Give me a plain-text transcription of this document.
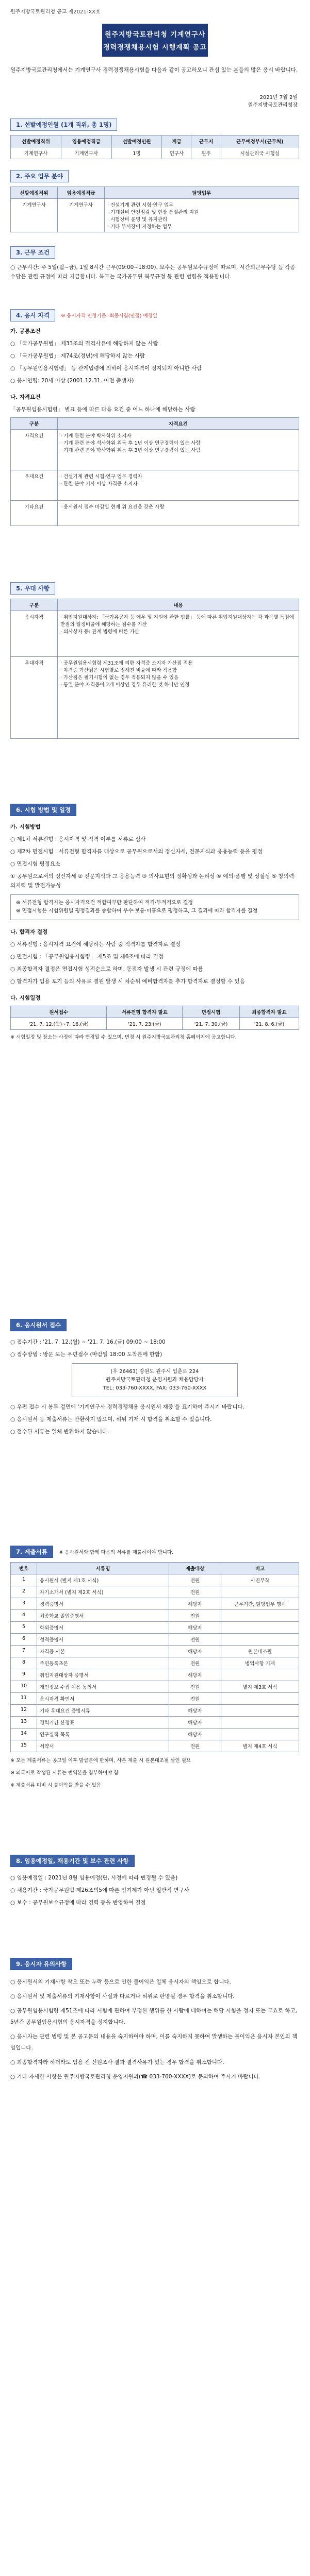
원주지방국토관리청 공고 제2021-XX호
원주지방국토관리청 기계연구사
경력경쟁채용시험 시행계획 공고
원주지방국토관리청에서는 기계연구사 경력경쟁채용시험을 다음과 같이 공고하오니 관심 있는 분들의 많은 응시 바랍니다.
2021년 7월 2일
원주지방국토관리청장
1. 선발예정인원 (1개 직위, 총 1명)
선발예정직위	임용예정직급	선발예정인원	계급	근무지	근무예정부서(근무처)
기계연구사	기계연구사	1명	연구사	원주	시설관리국 시험실
2. 주요 업무 분야
선발예정직위	임용예정직급	담당업무
기계연구사	기계연구사	· 건설기계 관련 시험·연구 업무
· 기계설비 안전점검 및 현장 품질관리 지원
· 시험장비 운영 및 유지관리
· 기타 부서장이 지정하는 업무
3. 근무 조건
○ 근무시간: 주 5일(월~금), 1일 8시간 근무(09:00~18:00). 보수는 공무원보수규정에 따르며, 시간외근무수당 등 각종 수당은 관련 규정에 따라 지급합니다. 복무는 국가공무원 복무규정 등 관련 법령을 적용합니다.
4. 응시 자격 ※ 응시자격 인정기준: 최종시험(면접) 예정일

가. 공통조건

○ 「국가공무원법」 제33조의 결격사유에 해당하지 않는 사람

○ 「국가공무원법」 제74조(정년)에 해당하지 않는 사람

○ 「공무원임용시험령」 등 관계법령에 의하여 응시자격이 정지되지 아니한 사람

○ 응시연령: 20세 이상 (2001.12.31. 이전 출생자)

나. 자격요건

「공무원임용시험령」 별표 등에 따른 다음 요건 중 어느 하나에 해당하는 사람

구분	자격요건
자격요건	· 기계 관련 분야 박사학위 소지자
· 기계 관련 분야 석사학위 취득 후 1년 이상 연구경력이 있는 사람
· 기계 관련 분야 학사학위 취득 후 3년 이상 연구경력이 있는 사람
우대요건	· 건설기계 관련 시험·연구 업무 경력자
· 관련 분야 기사 이상 자격증 소지자
기타요건	· 응시원서 접수 마감일 현재 위 요건을 갖춘 사람
5. 우대 사항
구분	내용
응시자격	· 취업지원대상자: 「국가유공자 등 예우 및 지원에 관한 법률」 등에 따른 취업지원대상자는 각 과목별 득점에 만점의 일정비율에 해당하는 점수를 가산
· 의사상자 등: 관계 법령에 따른 가산
우대자격	· 공무원임용시험령 제31조에 의한 자격증 소지자 가산점 적용
· 자격증 가산점은 시험별로 정해진 비율에 따라 적용함
· 가산점은 필기시험이 없는 경우 적용되지 않을 수 있음
· 동일 분야 자격증이 2개 이상인 경우 유리한 것 하나만 인정
6. 시험 방법 및 일정

가. 시험방법

○ 제1차 서류전형 : 응시자격 및 적격 여부를 서류로 심사

○ 제2차 면접시험 : 서류전형 합격자를 대상으로 공무원으로서의 정신자세, 전문지식과 응용능력 등을 평정

○ 면접시험 평정요소

① 공무원으로서의 정신자세 ② 전문지식과 그 응용능력 ③ 의사표현의 정확성과 논리성 ④ 예의·품행 및 성실성 ⑤ 창의력·의지력 및 발전가능성

※ 서류전형 합격자는 응시자격요건 적합여부만 판단하여 적격·부적격으로 결정
※ 면접시험은 시험위원별 평정결과를 종합하여 우수·보통·미흡으로 평정하고, 그 결과에 따라 합격자를 결정

나. 합격자 결정

○ 서류전형 : 응시자격 요건에 해당하는 사람 중 적격자를 합격자로 결정

○ 면접시험 : 「공무원임용시험령」 제5조 및 제6조에 따라 결정

○ 최종합격자 결정은 면접시험 성적순으로 하며, 동점자 발생 시 관련 규정에 따름

○ 합격자가 임용 포기 등의 사유로 결원 발생 시 차순위 예비합격자를 추가 합격자로 결정할 수 있음

다. 시험일정

원서접수	서류전형 합격자 발표	면접시험	최종합격자 발표
'21. 7. 12.(월)~7. 16.(금)	'21. 7. 23.(금)	'21. 7. 30.(금)	'21. 8. 6.(금)
※ 시험일정 및 장소는 사정에 따라 변경될 수 있으며, 변경 시 원주지방국토관리청 홈페이지에 공고합니다.
6. 응시원서 접수

○ 접수기간 : '21. 7. 12.(월) ~ '21. 7. 16.(금) 09:00 ~ 18:00

○ 접수방법 : 방문 또는 우편접수 (마감일 18:00 도착분에 한함)

(우 26463) 강원도 원주시 입춘로 224
원주지방국토관리청 운영지원과 채용담당자
TEL: 033-760-XXXX, FAX: 033-760-XXXX

○ 우편 접수 시 봉투 겉면에 '기계연구사 경력경쟁채용 응시원서 재중'을 표기하여 주시기 바랍니다.

○ 응시원서 등 제출서류는 반환하지 않으며, 허위 기재 시 합격을 취소할 수 있습니다.

○ 접수된 서류는 일체 반환하지 않습니다.

7. 제출서류 ※ 응시원서와 함께 다음의 서류를 제출하여야 합니다.
번호	서류명	제출대상	비고
1	응시원서 (별지 제1호 서식)	전원	사진부착
2	자기소개서 (별지 제2호 서식)	전원	
3	경력증명서	해당자	근무기간, 담당업무 명시
4	최종학교 졸업증명서	전원	
5	학위증명서	해당자	
6	성적증명서	전원	
7	자격증 사본	해당자	원본대조필
8	주민등록초본	전원	병역사항 기재
9	취업지원대상자 증명서	해당자	
10	개인정보 수집·이용 동의서	전원	별지 제3호 서식
11	응시자격 확인서	전원	
12	기타 우대요건 증빙서류	해당자	
13	경력기간 산정표	해당자	
14	연구실적 목록	해당자	
15	서약서	전원	별지 제4호 서식

※ 모든 제출서류는 공고일 이후 발급분에 한하며, 사본 제출 시 원본대조필 날인 필요

※ 외국어로 작성된 서류는 번역본을 첨부하여야 함

※ 제출서류 미비 시 불이익을 받을 수 있음

8. 임용예정일, 채용기간 및 보수 관련 사항

○ 임용예정일 : 2021년 8월 임용예정(단, 사정에 따라 변경될 수 있음)

○ 채용기간 : 국가공무원법 제26조의5에 따른 임기제가 아닌 일반직 연구사

○ 보수 : 공무원보수규정에 따라 경력 등을 반영하여 결정

9. 응시자 유의사항

○ 응시원서의 기재사항 착오 또는 누락 등으로 인한 불이익은 일체 응시자의 책임으로 합니다.

○ 응시원서 및 제출서류의 기재사항이 사실과 다르거나 허위로 판명될 경우 합격을 취소합니다.

○ 공무원임용시험령 제51조에 따라 시험에 관하여 부정한 행위를 한 사람에 대하여는 해당 시험을 정지 또는 무효로 하고, 5년간 공무원임용시험의 응시자격을 정지합니다.

○ 응시자는 관련 법령 및 본 공고문의 내용을 숙지하여야 하며, 이를 숙지하지 못하여 발생하는 불이익은 응시자 본인의 책임입니다.

○ 최종합격자라 하더라도 임용 전 신원조사 결과 결격사유가 있는 경우 합격을 취소합니다.

○ 기타 자세한 사항은 원주지방국토관리청 운영지원과(☎ 033-760-XXXX)로 문의하여 주시기 바랍니다.
